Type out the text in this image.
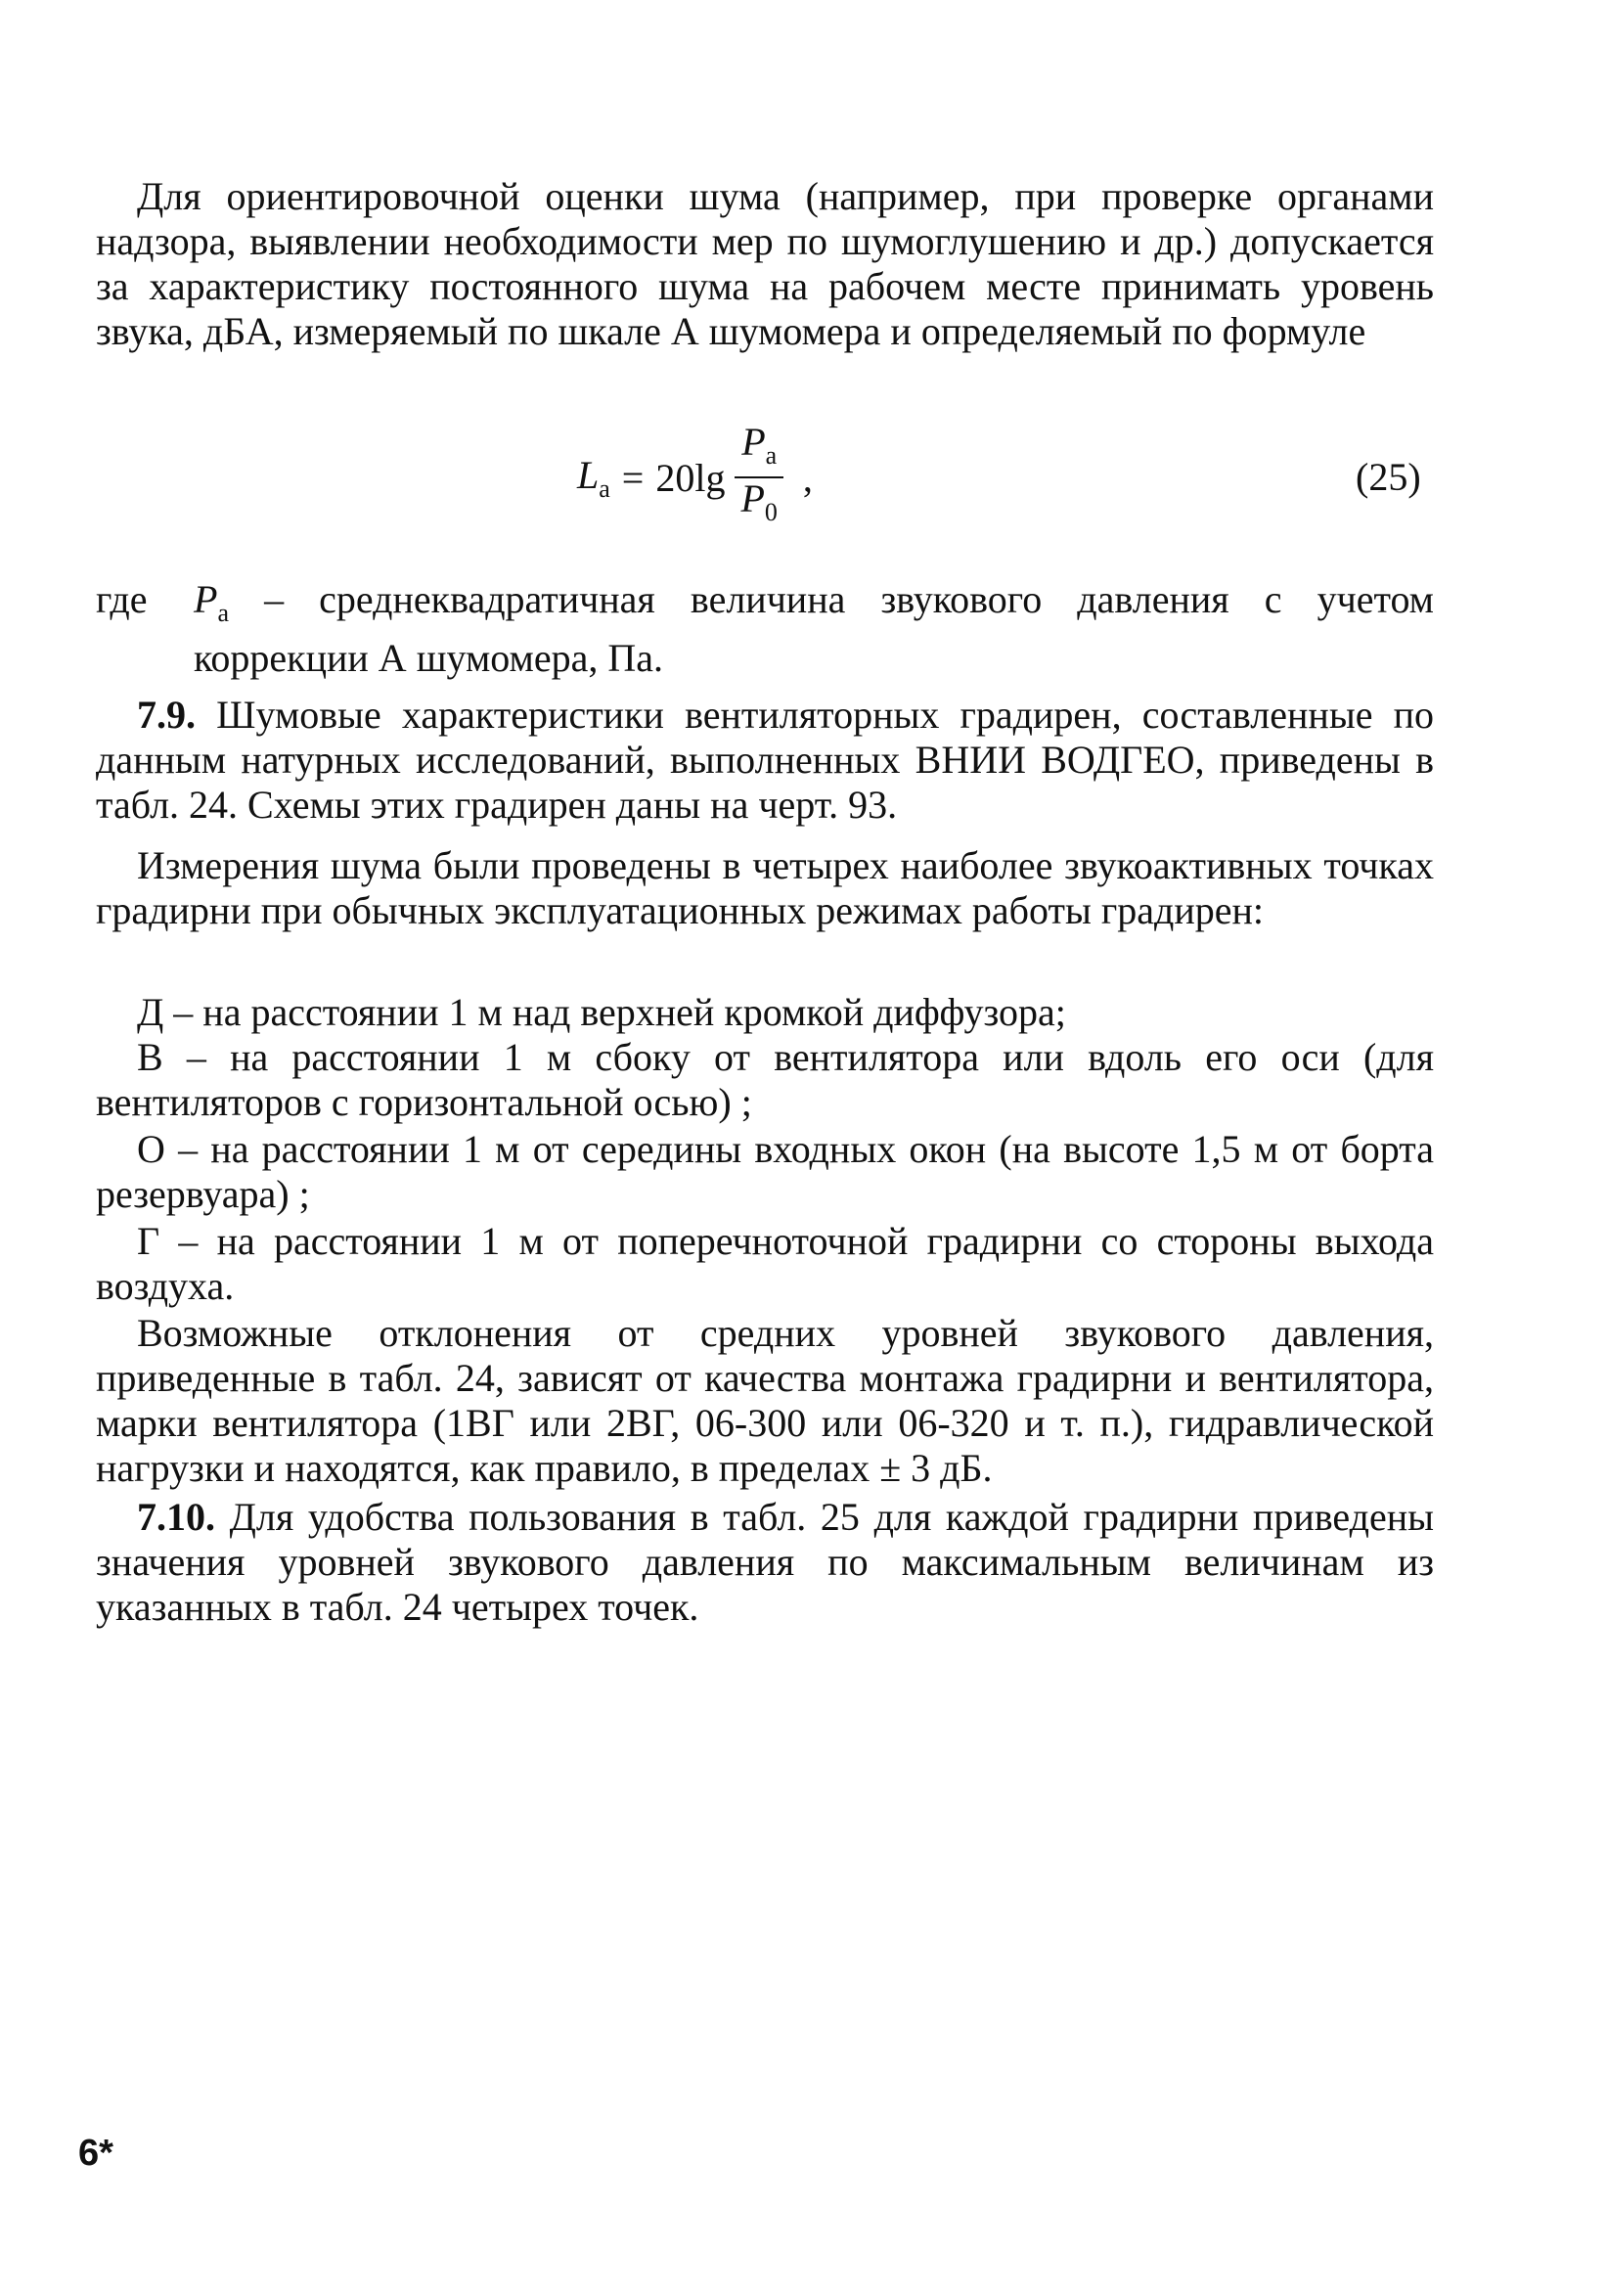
Для ориентировочной оценки шума (например, при проверке органами надзора, выявлении необходимости мер по шумоглушению и др.) допускается за характеристику постоянного шума на рабочем месте принимать уровень звука, дБА, измеряемый по шкале А шумомера и определяемый по формуле

$L_а = 20\lg \frac{P_а}{P_0}$ ,	(25)
где $P_а$ – среднеквадратичная величина звукового давления с учетом коррекции А шумомера, Па.

7.9. Шумовые характеристики вентиляторных градирен, составленные по данным натурных исследований, выполненных ВНИИ ВОДГЕО, приведены в табл. 24. Схемы этих градирен даны на черт. 93.

Измерения шума были проведены в четырех наиболее звукоактивных точках градирни при обычных эксплуатационных режимах работы градирен:

Д – на расстоянии 1 м над верхней кромкой диффузора;

В – на расстоянии 1 м сбоку от вентилятора или вдоль его оси (для вентиляторов с горизонтальной осью) ;

О – на расстоянии 1 м от середины входных окон (на высоте 1,5 м от борта резервуара) ;

Г – на расстоянии 1 м от поперечноточной градирни со стороны выхода воздуха.

Возможные отклонения от средних уровней звукового давления, приведенные в табл. 24, зависят от качества монтажа градирни и вентилятора, марки вентилятора (1ВГ или 2ВГ, 06-300 или 06-320 и т. п.), гидравлической нагрузки и находятся, как правило, в пределах ± 3 дБ.

7.10. Для удобства пользования в табл. 25 для каждой градирни приведены значения уровней звукового давления по максимальным величинам из указанных в табл. 24 четырех точек.

6*
